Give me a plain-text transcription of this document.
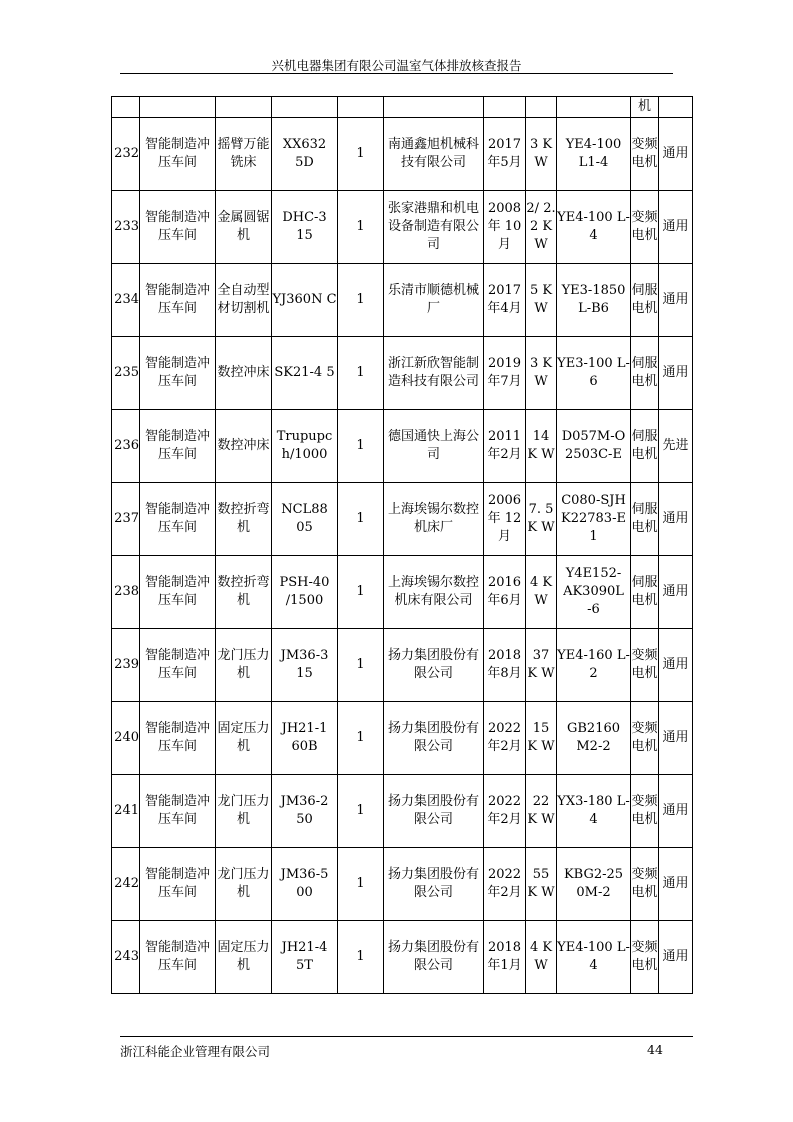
兴机电器集团有限公司温室气体排放核查报告
									机	
232	智能制造冲压车间	摇臂万能铣床	XX632 5D	1	南通鑫旭机械科技有限公司	2017年5月	3 K W	YE4-100 L1-4	变频电机	通用
233	智能制造冲压车间	金属圆锯机	DHC-3 15	1	张家港鼎和机电设备制造有限公司	2008年 10月	2/ 2. 2 K W	YE4-100 L-4	变频电机	通用
234	智能制造冲压车间	全自动型材切割机	YJ360N C	1	乐清市顺德机械厂	2017年4月	5 K W	YE3-1850 L-B6	伺服电机	通用
235	智能制造冲压车间	数控冲床	SK21-4 5	1	浙江新欣智能制造科技有限公司	2019年7月	3 K W	YE3-100 L-6	伺服电机	通用
236	智能制造冲压车间	数控冲床	Trupupc h/1000	1	德国通快上海公司	2011年2月	14 K W	D057M-O 2503C-E	伺服电机	先进
237	智能制造冲压车间	数控折弯机	NCL88 05	1	上海埃锡尔数控机床厂	2006年 12月	7. 5 K W	C080-SJH K22783-E 1	伺服电机	通用
238	智能制造冲压车间	数控折弯机	PSH-40 /1500	1	上海埃锡尔数控机床有限公司	2016年6月	4 K W	Y4E152- AK3090L -6	伺服电机	通用
239	智能制造冲压车间	龙门压力机	JM36-3 15	1	扬力集团股份有限公司	2018年8月	37 K W	YE4-160 L-2	变频电机	通用
240	智能制造冲压车间	固定压力机	JH21-1 60B	1	扬力集团股份有限公司	2022年2月	15 K W	GB2160 M2-2	变频电机	通用
241	智能制造冲压车间	龙门压力机	JM36-2 50	1	扬力集团股份有限公司	2022年2月	22 K W	YX3-180 L-4	变频电机	通用
242	智能制造冲压车间	龙门压力机	JM36-5 00	1	扬力集团股份有限公司	2022年2月	55 K W	KBG2-25 0M-2	变频电机	通用
243	智能制造冲压车间	固定压力机	JH21-4 5T	1	扬力集团股份有限公司	2018年1月	4 K W	YE4-100 L-4	变频电机	通用
浙江科能企业管理有限公司	44
